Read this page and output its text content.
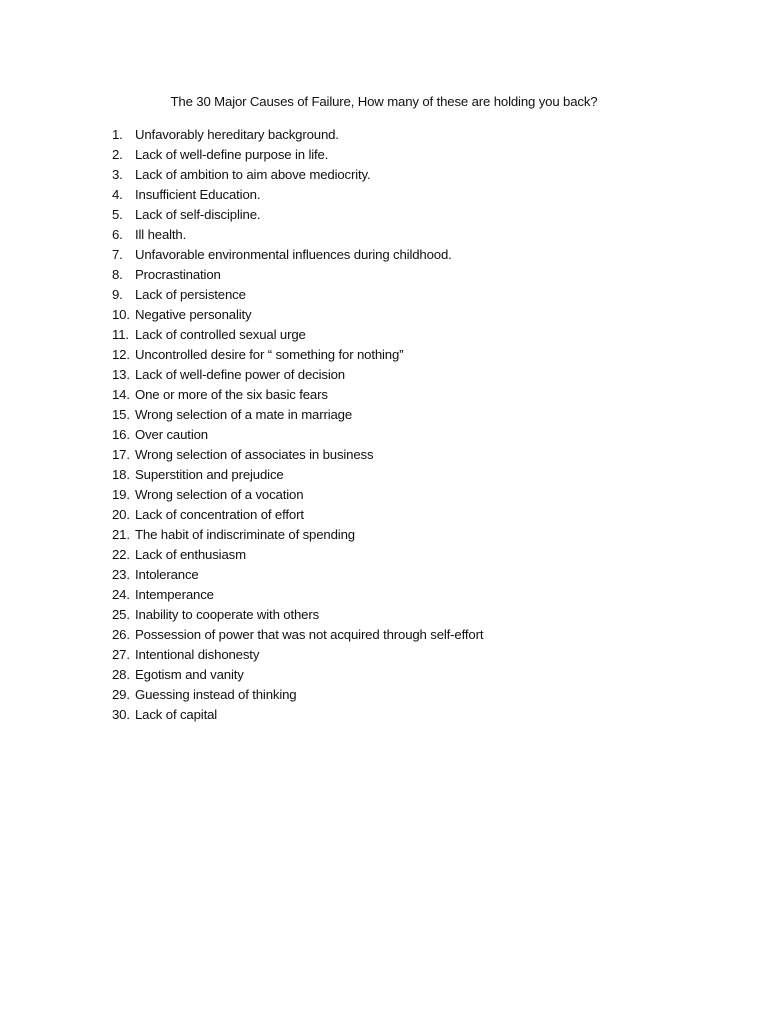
The 30 Major Causes of Failure, How many of these are holding you back?
1. Unfavorably hereditary background.
2. Lack of well-define purpose in life.
3. Lack of ambition to aim above mediocrity.
4. Insufficient Education.
5. Lack of self-discipline.
6. Ill health.
7. Unfavorable environmental influences during childhood.
8. Procrastination
9. Lack of persistence
10. Negative personality
11. Lack of controlled sexual urge
12. Uncontrolled desire for “ something for nothing”
13. Lack of well-define power of decision
14. One or more of the six basic fears
15. Wrong selection of a mate in marriage
16. Over caution
17. Wrong selection of associates in business
18. Superstition and prejudice
19. Wrong selection of a vocation
20. Lack of concentration of effort
21. The habit of indiscriminate of spending
22. Lack of enthusiasm
23. Intolerance
24. Intemperance
25. Inability to cooperate with others
26. Possession of power that was not acquired through self-effort
27. Intentional dishonesty
28. Egotism and vanity
29. Guessing instead of thinking
30. Lack of capital
